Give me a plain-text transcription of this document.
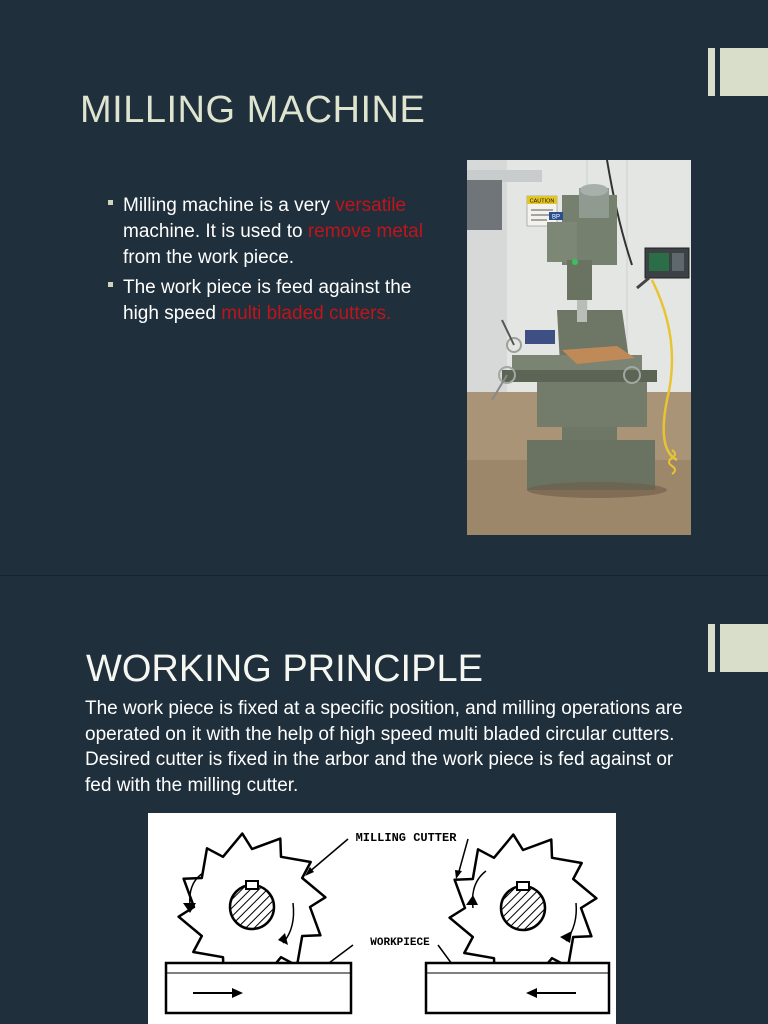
MILLING MACHINE
Milling machine is a very versatile machine. It is used to remove metal from the work piece.
The work piece is feed against the high speed multi bladed cutters.
CAUTION
BP
WORKING PRINCIPLE

The work piece is fixed at a specific position, and milling operations are operated on it with the help of high speed multi bladed circular cutters. Desired cutter is fixed in the arbor and the work piece is fed against or fed with the milling cutter.

MILLING CUTTER
WORKPIECE
